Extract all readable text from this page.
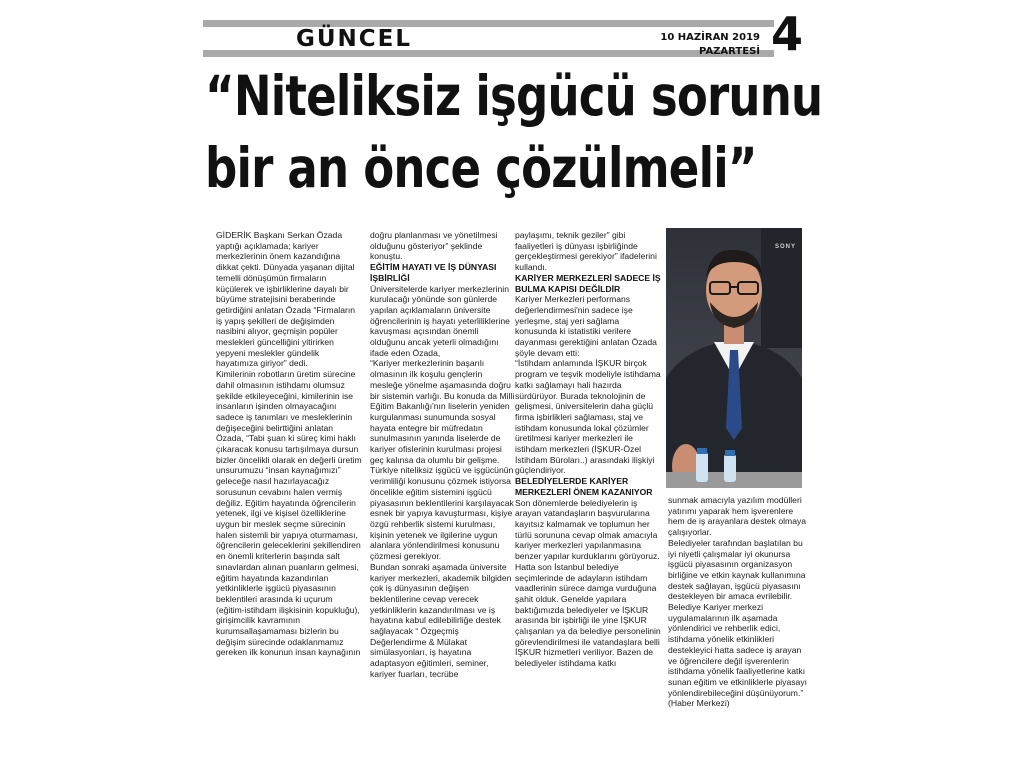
GÜNCEL	10 HAZİRAN 2019 PAZARTESİ 4
“Niteliksiz işgücü sorunu
bir an önce çözülmeli”

GİDERİK Başkanı Serkan Özada yaptığı açıklamada; kariyer merkezlerinin önem kazandığına dikkat çekti. Dünyada yaşanan dijital temelli dönüşümün firmaların küçülerek ve işbirliklerine dayalı bir büyüme stratejisini beraberinde getirdiğini anlatan Özada “Firmaların iş yapış şekilleri de değişimden nasibini alıyor, geçmişin popüler meslekleri güncelliğini yitirirken yepyeni meslekler gündelik hayatımıza giriyor” dedi.

Kimilerinin robotların üretim sürecine dahil olmasının istihdamı olumsuz şekilde etkileyeceğini, kimilerinin ise insanların işinden olmayacağını sadece iş tanımları ve mesleklerinin değişeceğini belirttiğini anlatan Özada, “Tabi şuan ki süreç kimi haklı çıkaracak konusu tartışılmaya dursun bizler öncelikli olarak en değerli üretim unsurumuzu “insan kaynağımızı” geleceğe nasıl hazırlayacağız sorusunun cevabını halen vermiş değiliz. Eğitim hayatında öğrencilerin yetenek, ilgi ve kişisel özelliklerine uygun bir meslek seçme sürecinin halen sistemli bir yapıya oturmaması, öğrencilerin geleceklerini şekillendiren en önemli kriterlerin başında salt sınavlardan alınan puanların gelmesi, eğitim hayatında kazandırılan yetkinliklerle işgücü piyasasının beklentileri arasında ki uçurum (eğitim-istihdam ilişkisinin kopukluğu), girişimcilik kavramının kurumsallaşamaması bizlerin bu değişim sürecinde odaklanmamız gereken ilk konunun insan kaynağının

doğru planlanması ve yönetilmesi olduğunu gösteriyor” şeklinde konuştu.

EĞİTİM HAYATI VE İŞ DÜNYASI İŞBİRLİĞİ

Üniversitelerde kariyer merkezlerinin kurulacağı yönünde son günlerde yapılan açıklamaların üniversite öğrencilerinin iş hayatı yeterliliklerine kavuşması açısından önemli olduğunu ancak yeterli olmadığını ifade eden Özada,

“Kariyer merkezlerinin başarılı olmasının ilk koşulu gençlerin mesleğe yönelme aşamasında doğru bir sistemin varlığı. Bu konuda da Milli Eğitim Bakanlığı'nın liselerin yeniden kurgulanması sunumunda sosyal hayata entegre bir müfredatın sunulmasının yanında liselerde de kariyer ofislerinin kurulması projesi geç kalınsa da olumlu bir gelişme. Türkiye niteliksiz işgücü ve işgücünün verimliliği konusunu çözmek istiyorsa öncelikle eğitim sistemini işgücü piyasasının beklentilerini karşılayacak esnek bir yapıya kavuşturması, kişiye özgü rehberlik sistemi kurulması, kişinin yetenek ve ilgilerine uygun alanlara yönlendirilmesi konusunu çözmesi gerekiyor.

Bundan sonraki aşamada üniversite kariyer merkezleri, akademik bilgiden çok iş dünyasının değişen beklentilerine cevap verecek yetkinliklerin kazandırılması ve iş hayatına kabul edilebilirliğe destek sağlayacak “ Özgeçmiş Değerlendirme & Mülakat simülasyonları, iş hayatına adaptasyon eğitimleri, seminer, kariyer fuarları, tecrübe

paylaşımı, teknik geziler” gibi faaliyetleri iş dünyası işbirliğinde gerçekleştirmesi gerekiyor” ifadelerini kullandı.

KARİYER MERKEZLERİ SADECE İŞ BULMA KAPISI DEĞİLDİR

Kariyer Merkezleri performans değerlendirmesi'nin sadece işe yerleşme, staj yeri sağlama konusunda ki istatistiki verilere dayanması gerektiğini anlatan Özada şöyle devam etti:

“İstihdam anlamında İŞKUR birçok program ve teşvik modeliyle istihdama katkı sağlamayı hali hazırda sürdürüyor. Burada teknolojinin de gelişmesi, üniversitelerin daha güçlü firma işbirlikleri sağlaması, staj ve istihdam konusunda lokal çözümler üretilmesi kariyer merkezleri ile istihdam merkezleri (İŞKUR-Özel İstihdam Büroları..) arasındaki ilişkiyi güçlendiriyor.

BELEDİYELERDE KARİYER MERKEZLERİ ÖNEM KAZANIYOR

Son dönemlerde belediyelerin iş arayan vatandaşların başvurularına kayıtsız kalmamak ve toplumun her türlü sorununa cevap olmak amacıyla kariyer merkezleri yapılanmasına benzer yapılar kurduklarını görüyoruz. Hatta son İstanbul belediye seçimlerinde de adayların istihdam vaadlerinin sürece damga vurduğuna şahit olduk. Genelde yapılara baktığımızda belediyeler ve İŞKUR arasında bir işbirliği ile yine İŞKUR çalışanları ya da belediye personelinin görevlendirilmesi ile vatandaşlara belli İŞKUR hizmetleri veriliyor. Bazen de belediyeler istihdama katkı

sunmak amacıyla yazılım modülleri yatırımı yaparak hem işverenlere hem de iş arayanlara destek olmaya çalışıyorlar.

Belediyeler tarafından başlatılan bu iyi niyetli çalışmalar iyi okunursa işgücü piyasasının organizasyon birliğine ve etkin kaynak kullanımına destek sağlayan, işgücü piyasasını destekleyen bir amaca evrilebilir. Belediye Kariyer merkezi uygulamalarının ilk aşamada yönlendirici ve rehberlik edici, istihdama yönelik etkinlikleri destekleyici hatta sadece iş arayan ve öğrencilere değil işverenlerin istihdama yönelik faaliyetlerine katkı sunan eğitim ve etkinliklerle piyasayı yönlendirebileceğini düşünüyorum.” (Haber Merkezi)

SONY
